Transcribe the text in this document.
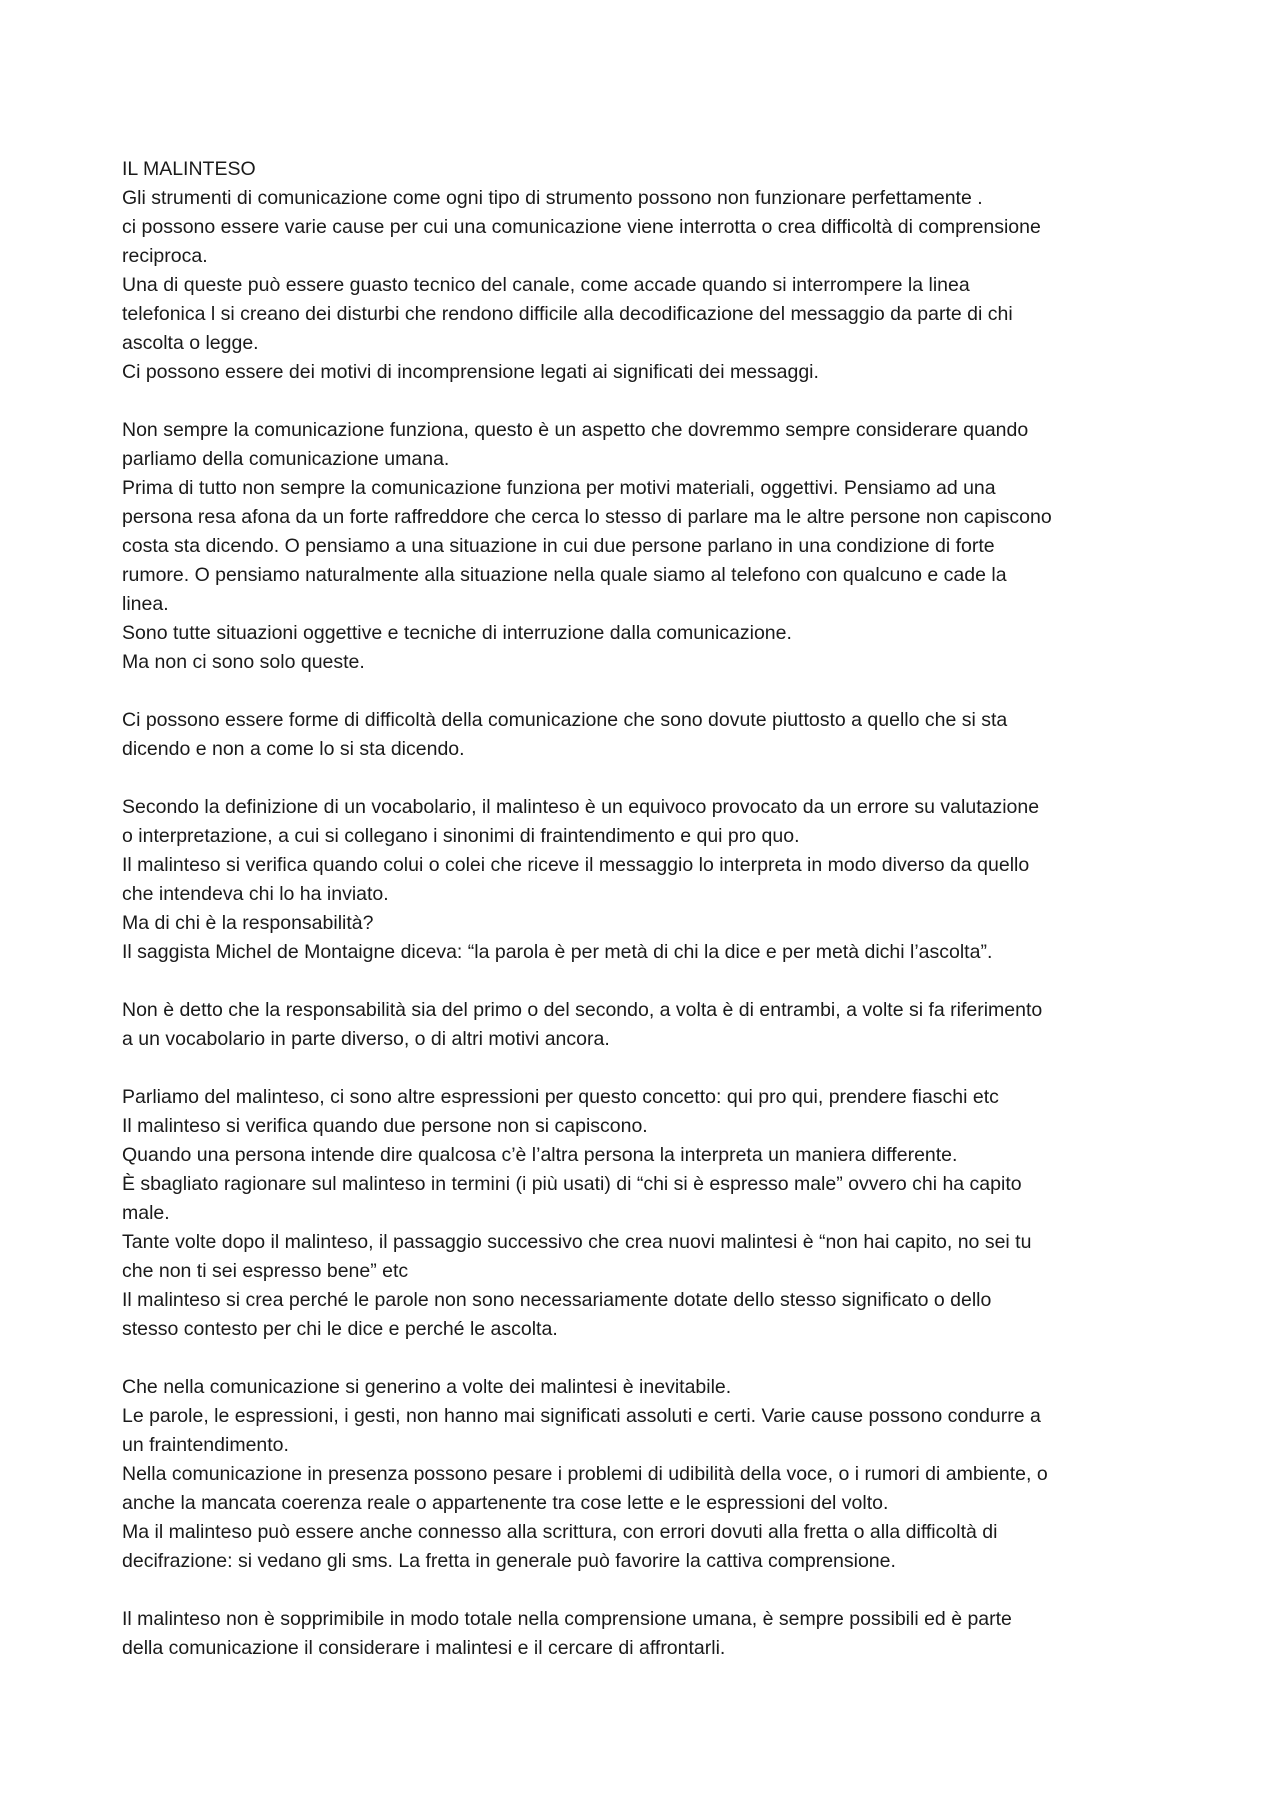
IL MALINTESO
Gli strumenti di comunicazione come ogni tipo di strumento possono non funzionare perfettamente .
ci possono essere varie cause per cui una comunicazione viene interrotta o crea difficoltà di comprensione
reciproca.
Una di queste può essere guasto tecnico del canale, come accade quando si interrompere la linea
telefonica l si creano dei disturbi che rendono difficile alla decodificazione del messaggio da parte di chi
ascolta o legge.
Ci possono essere dei motivi di incomprensione legati ai significati dei messaggi.
Non sempre la comunicazione funziona, questo è un aspetto che dovremmo sempre considerare quando
parliamo della comunicazione umana.
Prima di tutto non sempre la comunicazione funziona per motivi materiali, oggettivi. Pensiamo ad una
persona resa afona da un forte raffreddore che cerca lo stesso di parlare ma le altre persone non capiscono
costa sta dicendo. O pensiamo a una situazione in cui due persone parlano in una condizione di forte
rumore. O pensiamo naturalmente alla situazione nella quale siamo al telefono con qualcuno e cade la
linea.
Sono tutte situazioni oggettive e tecniche di interruzione dalla comunicazione.
Ma non ci sono solo queste.
Ci possono essere forme di difficoltà della comunicazione che sono dovute piuttosto a quello che si sta
dicendo e non a come lo si sta dicendo.
Secondo la definizione di un vocabolario, il malinteso è un equivoco provocato da un errore su valutazione
o interpretazione, a cui si collegano i sinonimi di fraintendimento e qui pro quo.
Il malinteso si verifica quando colui o colei che riceve il messaggio lo interpreta in modo diverso da quello
che intendeva chi lo ha inviato.
Ma di chi è la responsabilità?
Il saggista Michel de Montaigne diceva: “la parola è per metà di chi la dice e per metà dichi l’ascolta”.
Non è detto che la responsabilità sia del primo o del secondo, a volta è di entrambi, a volte si fa riferimento
a un vocabolario in parte diverso, o di altri motivi ancora.
Parliamo del malinteso, ci sono altre espressioni per questo concetto: qui pro qui, prendere fiaschi etc
Il malinteso si verifica quando due persone non si capiscono.
Quando una persona intende dire qualcosa c’è l’altra persona la interpreta un maniera differente.
È sbagliato ragionare sul malinteso in termini (i più usati) di “chi si è espresso male” ovvero chi ha capito
male.
Tante volte dopo il malinteso, il passaggio successivo che crea nuovi malintesi è “non hai capito, no sei tu
che non ti sei espresso bene” etc
Il malinteso si crea perché le parole non sono necessariamente dotate dello stesso significato o dello
stesso contesto per chi le dice e perché le ascolta.
Che nella comunicazione si generino a volte dei malintesi è inevitabile.
Le parole, le espressioni, i gesti, non hanno mai significati assoluti e certi. Varie cause possono condurre a
un fraintendimento.
Nella comunicazione in presenza possono pesare i problemi di udibilità della voce, o i rumori di ambiente, o
anche la mancata coerenza reale o appartenente tra cose lette e le espressioni del volto.
Ma il malinteso può essere anche connesso alla scrittura, con errori dovuti alla fretta o alla difficoltà di
decifrazione: si vedano gli sms. La fretta in generale può favorire la cattiva comprensione.
Il malinteso non è sopprimibile in modo totale nella comprensione umana, è sempre possibili ed è parte
della comunicazione il considerare i malintesi e il cercare di affrontarli.
